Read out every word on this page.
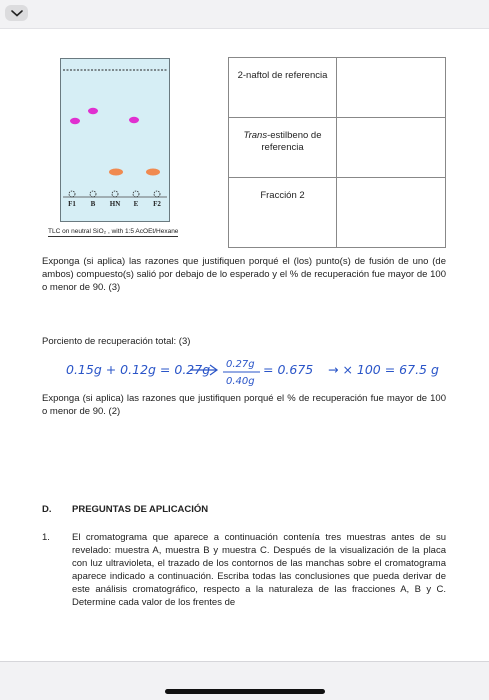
F1 B HN E F2
TLC on neutral SiO₂ , with 1:5 AcOEt/Hexane
2-naftol de referencia	
Trans-estilbeno de referencia	
Fracción 2	
Exponga (si aplica) las razones que justifiquen porqué el (los) punto(s) de fusión de uno (de ambos) compuesto(s) salió por debajo de lo esperado y el % de recuperación fue mayor de 100 o menor de 90. (3)
Porciento de recuperación total: (3)
0.15g + 0.12g = 0.27g 0.27g
0.40g
= 0.675 → × 100 = 67.5 g
Exponga (si aplica) las razones que justifiquen porqué el % de recuperación fue mayor de 100 o menor de 90. (2)
D. PREGUNTAS DE APLICACIÓN
1.	El cromatograma que aparece a continuación contenía tres muestras antes de su revelado: muestra A, muestra B y muestra C. Después de la visualización de la placa con luz ultravioleta, el trazado de los contornos de las manchas sobre el cromatograma aparece indicado a continuación. Escriba todas las conclusiones que pueda derivar de este análisis cromatográfico, respecto a la naturaleza de las fracciones A, B y C. Determine cada valor de los frentes de
